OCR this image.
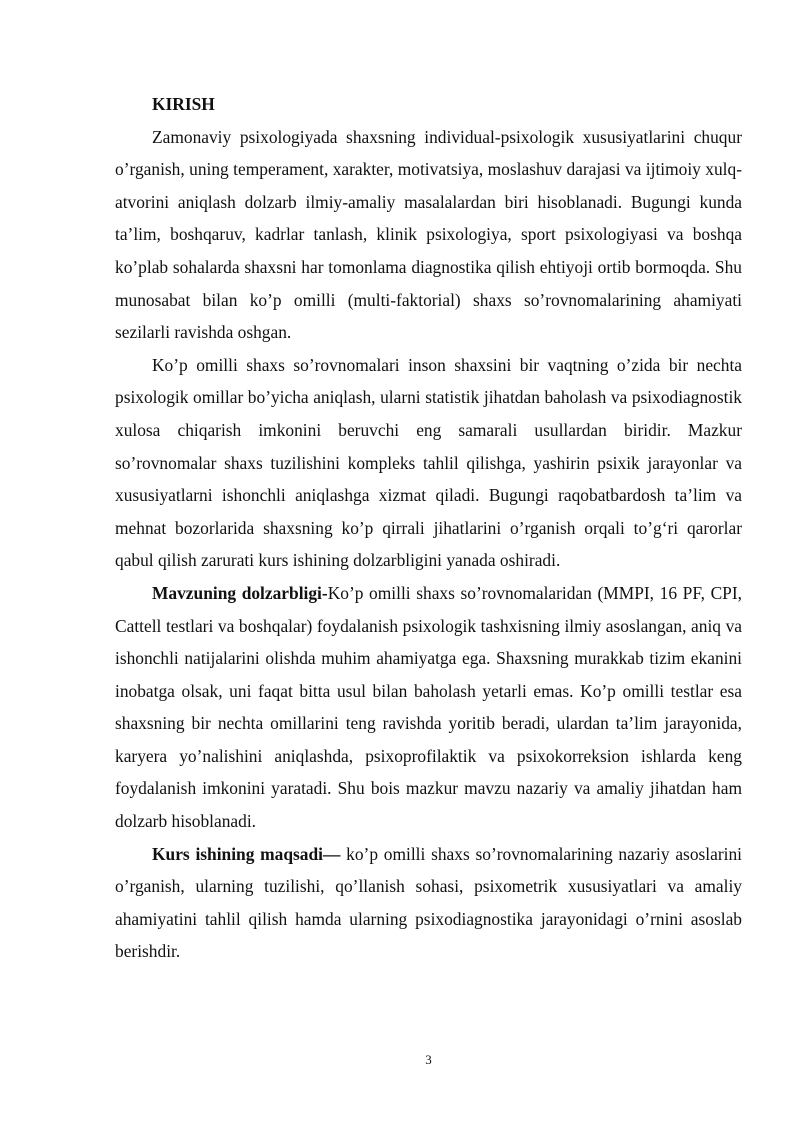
KIRISH

Zamonaviy psixologiyada shaxsning individual-psixologik xususiyatlarini chuqur o’rganish, uning temperament, xarakter, motivatsiya, moslashuv darajasi va ijtimoiy xulq-atvorini aniqlash dolzarb ilmiy-amaliy masalalardan biri hisoblanadi. Bugungi kunda ta’lim, boshqaruv, kadrlar tanlash, klinik psixologiya, sport psixologiyasi va boshqa ko’plab sohalarda shaxsni har tomonlama diagnostika qilish ehtiyoji ortib bormoqda. Shu munosabat bilan ko’p omilli (multi-faktorial) shaxs so’rovnomalarining ahamiyati sezilarli ravishda oshgan.

Ko’p omilli shaxs so’rovnomalari inson shaxsini bir vaqtning o’zida bir nechta psixologik omillar bo’yicha aniqlash, ularni statistik jihatdan baholash va psixodiagnostik xulosa chiqarish imkonini beruvchi eng samarali usullardan biridir. Mazkur so’rovnomalar shaxs tuzilishini kompleks tahlil qilishga, yashirin psixik jarayonlar va xususiyatlarni ishonchli aniqlashga xizmat qiladi. Bugungi raqobatbardosh ta’lim va mehnat bozorlarida shaxsning ko’p qirrali jihatlarini o’rganish orqali to’g‘ri qarorlar qabul qilish zarurati kurs ishining dolzarbligini yanada oshiradi.

Mavzuning dolzarbligi-Ko’p omilli shaxs so’rovnomalaridan (MMPI, 16 PF, CPI, Cattell testlari va boshqalar) foydalanish psixologik tashxisning ilmiy asoslangan, aniq va ishonchli natijalarini olishda muhim ahamiyatga ega. Shaxsning murakkab tizim ekanini inobatga olsak, uni faqat bitta usul bilan baholash yetarli emas. Ko’p omilli testlar esa shaxsning bir nechta omillarini teng ravishda yoritib beradi, ulardan ta’lim jarayonida, karyera yo’nalishini aniqlashda, psixoprofilaktik va psixokorreksion ishlarda keng foydalanish imkonini yaratadi. Shu bois mazkur mavzu nazariy va amaliy jihatdan ham dolzarb hisoblanadi.

Kurs ishining maqsadi— ko’p omilli shaxs so’rovnomalarining nazariy asoslarini o’rganish, ularning tuzilishi, qo’llanish sohasi, psixometrik xususiyatlari va amaliy ahamiyatini tahlil qilish hamda ularning psixodiagnostika jarayonidagi o’rnini asoslab berishdir.

3
